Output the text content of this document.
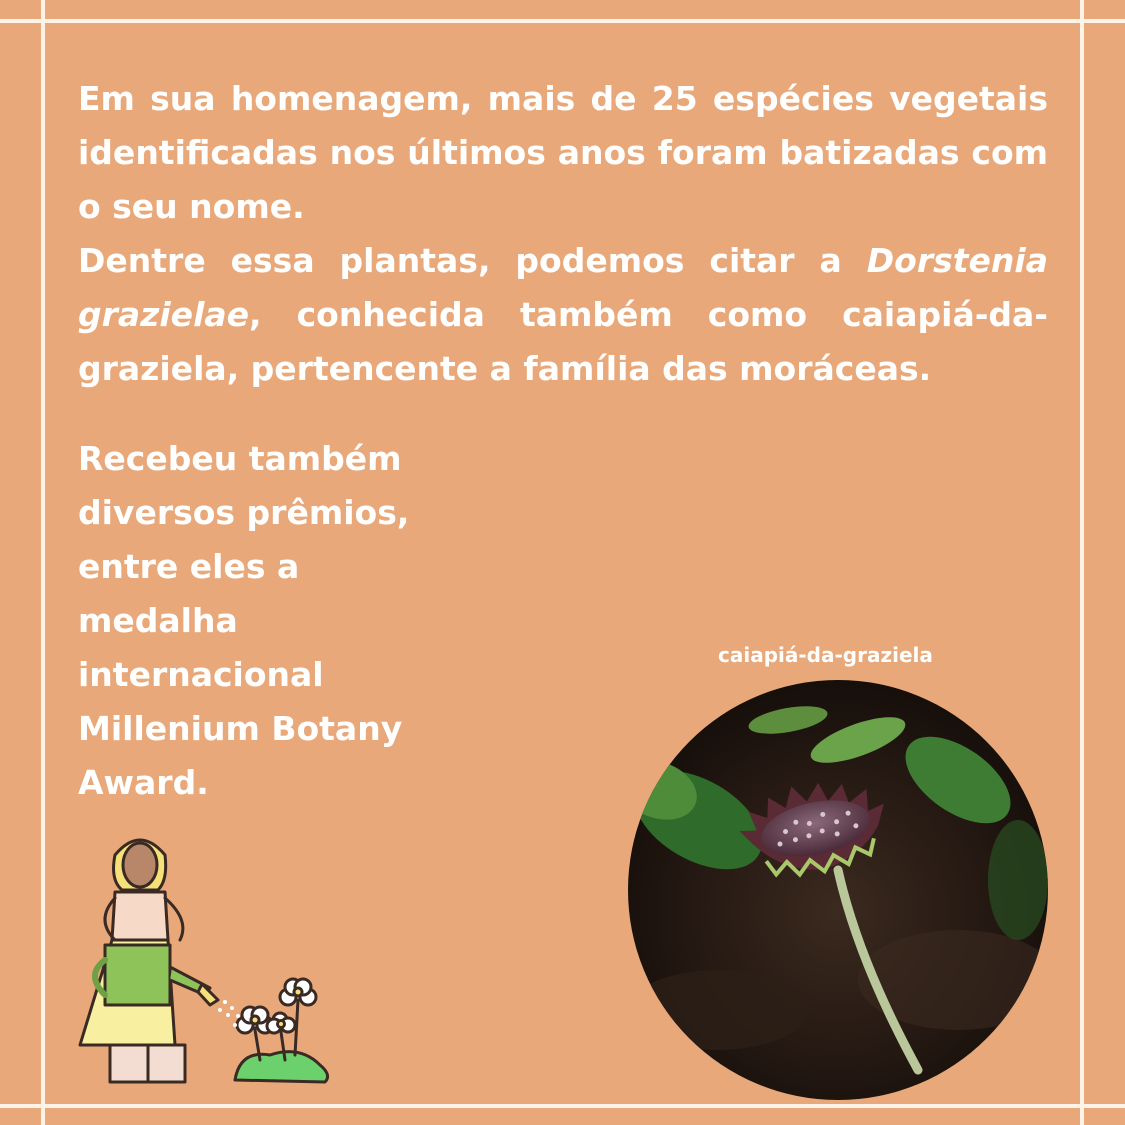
Em sua homenagem, mais de 25 espécies vegetais identificadas nos últimos anos foram batizadas com o seu nome.

Dentre essa plantas, podemos citar a Dorstenia grazielae, conhecida também como caiapiá-da-graziela, pertencente a família das moráceas.

Recebeu também diversos prêmios, entre eles a medalha internacional Millenium Botany Award.

caiapiá-da-graziela
